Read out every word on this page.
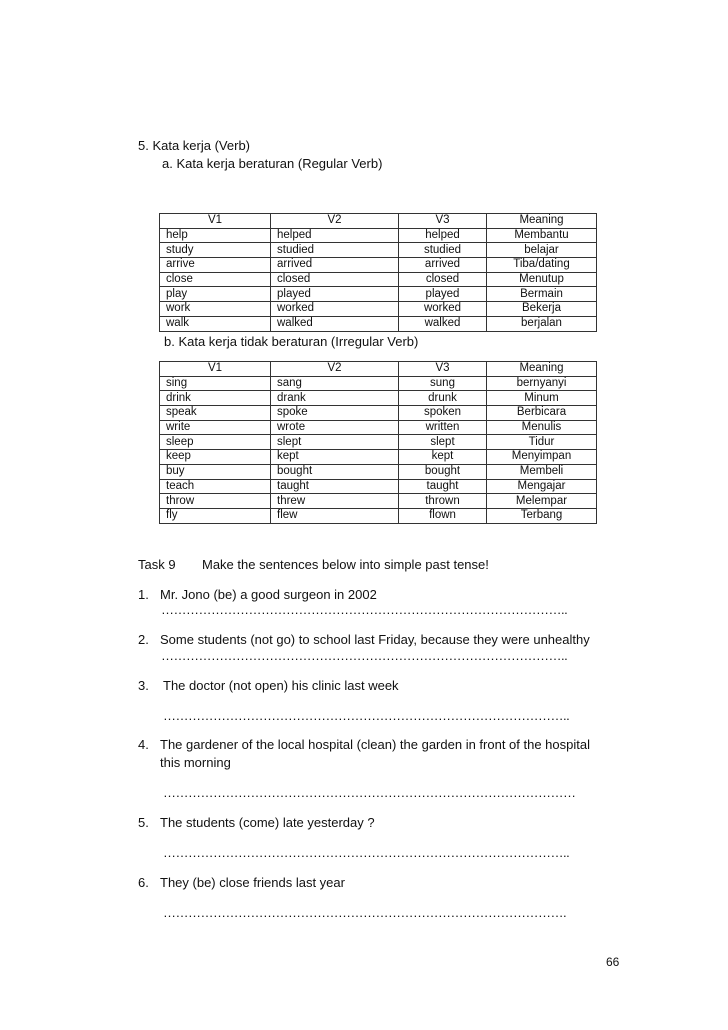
5. Kata kerja (Verb)
a. Kata kerja beraturan (Regular Verb)
V1	V2	V3	Meaning
help	helped	helped	Membantu
study	studied	studied	belajar
arrive	arrived	arrived	Tiba/dating
close	closed	closed	Menutup
play	played	played	Bermain
work	worked	worked	Bekerja
walk	walked	walked	berjalan
b. Kata kerja tidak beraturan (Irregular Verb)
V1	V2	V3	Meaning
sing	sang	sung	bernyanyi
drink	drank	drunk	Minum
speak	spoke	spoken	Berbicara
write	wrote	written	Menulis
sleep	slept	slept	Tidur
keep	kept	kept	Menyimpan
buy	bought	bought	Membeli
teach	taught	taught	Mengajar
throw	threw	thrown	Melempar
fly	flew	flown	Terbang
Task 9 Make the sentences below into simple past tense!
1. Mr. Jono (be) a good surgeon in 2002
……………………………………………………………………………………..
2. Some students (not go) to school last Friday, because they were unhealthy
……………………………………………………………………………………..
3. The doctor (not open) his clinic last week
……………………………………………………………………………………..
4. The gardener of the local hospital (clean) the garden in front of the hospital
this morning
………………………………………………………………………………………
5. The students (come) late yesterday ?
……………………………………………………………………………………..
6. They (be) close friends last year
…………………………………………………………………………………….
66
